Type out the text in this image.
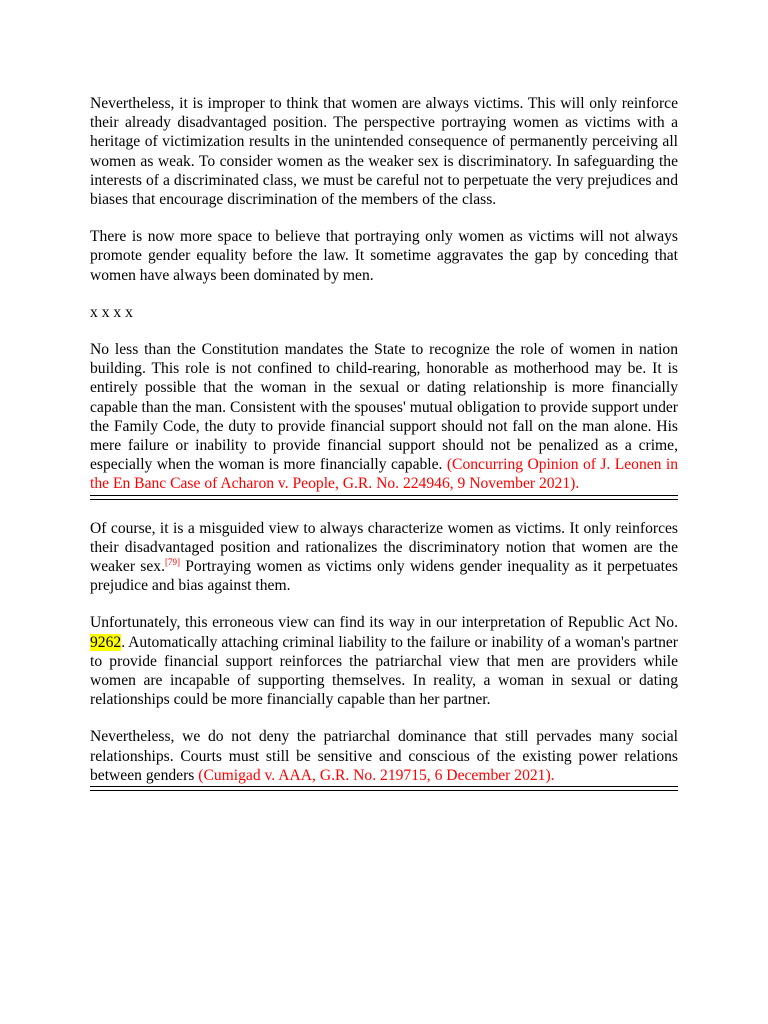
Nevertheless, it is improper to think that women are always victims. This will only reinforce their already disadvantaged position. The perspective portraying women as victims with a heritage of victimization results in the unintended consequence of permanently perceiving all women as weak. To consider women as the weaker sex is discriminatory. In safeguarding the interests of a discriminated class, we must be careful not to perpetuate the very prejudices and biases that encourage discrimination of the members of the class.

There is now more space to believe that portraying only women as victims will not always promote gender equality before the law. It sometime aggravates the gap by conceding that women have always been dominated by men.

x x x x

No less than the Constitution mandates the State to recognize the role of women in nation building. This role is not confined to child-rearing, honorable as motherhood may be. It is entirely possible that the woman in the sexual or dating relationship is more financially capable than the man. Consistent with the spouses' mutual obligation to provide support under the Family Code, the duty to provide financial support should not fall on the man alone. His mere failure or inability to provide financial support should not be penalized as a crime, especially when the woman is more financially capable. (Concurring Opinion of J. Leonen in the En Banc Case of Acharon v. People, G.R. No. 224946, 9 November 2021).

Of course, it is a misguided view to always characterize women as victims. It only reinforces their disadvantaged position and rationalizes the discriminatory notion that women are the weaker sex.[79] Portraying women as victims only widens gender inequality as it perpetuates prejudice and bias against them.

Unfortunately, this erroneous view can find its way in our interpretation of Republic Act No. 9262. Automatically attaching criminal liability to the failure or inability of a woman's partner to provide financial support reinforces the patriarchal view that men are providers while women are incapable of supporting themselves. In reality, a woman in sexual or dating relationships could be more financially capable than her partner.

Nevertheless, we do not deny the patriarchal dominance that still pervades many social relationships. Courts must still be sensitive and conscious of the existing power relations between genders (Cumigad v. AAA, G.R. No. 219715, 6 December 2021).
